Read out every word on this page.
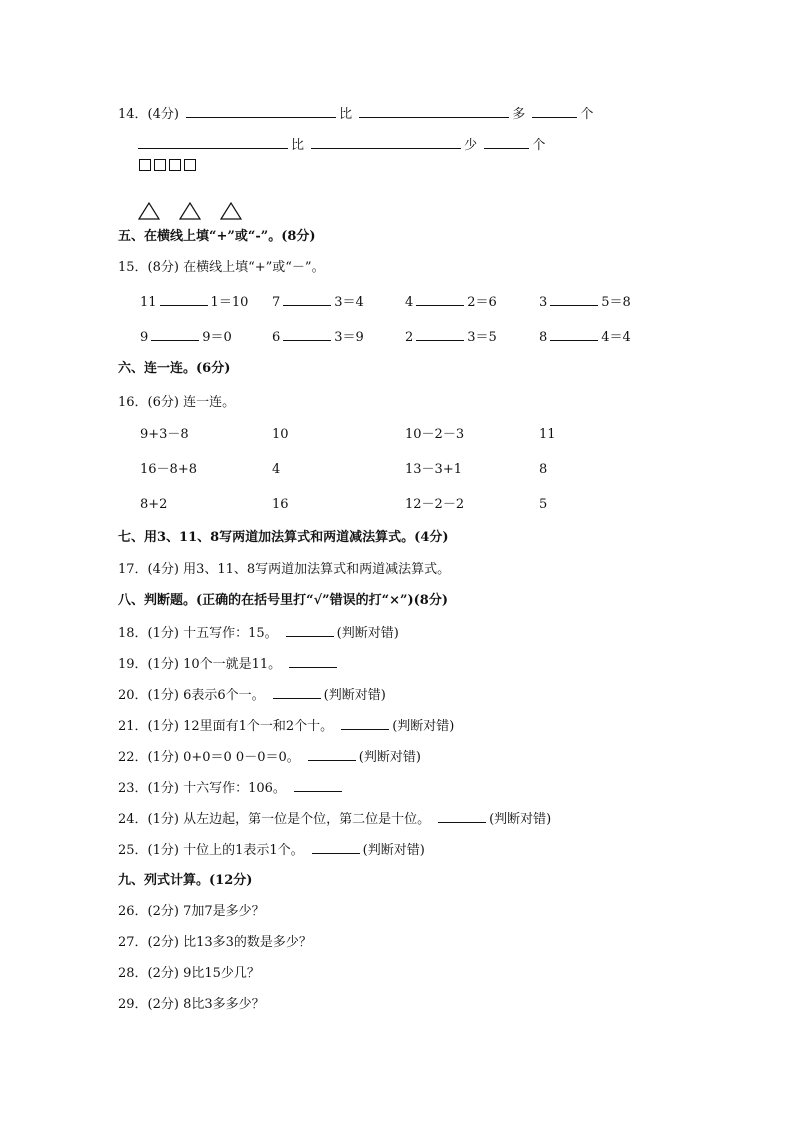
14．(4分)	比	多	个
比	少	个
五、在横线上填“+”或“-”。(8分)
15．(8分) 在横线上填“+”或“－”。
11	1＝10 7	3＝4	4	2＝6	3	5＝8
9	9＝0	6	3＝9	2	3＝5	8	4＝4
六、连一连。(6分)
16．(6分) 连一连。
9+3－8	10	10－2－3	11
16－8+8	4	13－3+1	8
8+2	16	12－2－2	5
七、用3、11、8写两道加法算式和两道减法算式。(4分)
17．(4分) 用3、11、8写两道加法算式和两道减法算式。
八、判断题。(正确的在括号里打“√”错误的打“×”)(8分)
18．(1分) 十五写作：15。	(判断对错)
19．(1分) 10个一就是11。
20．(1分) 6表示6个一。	(判断对错)
21．(1分) 12里面有1个一和2个十。	(判断对错)
22．(1分) 0+0＝0 0－0＝0。	(判断对错)
23．(1分) 十六写作：106。
24．(1分) 从左边起，第一位是个位，第二位是十位。	(判断对错)
25．(1分) 十位上的1表示1个。	(判断对错)
九、列式计算。(12分)
26．(2分) 7加7是多少？
27．(2分) 比13多3的数是多少？
28．(2分) 9比15少几？
29．(2分) 8比3多多少？
